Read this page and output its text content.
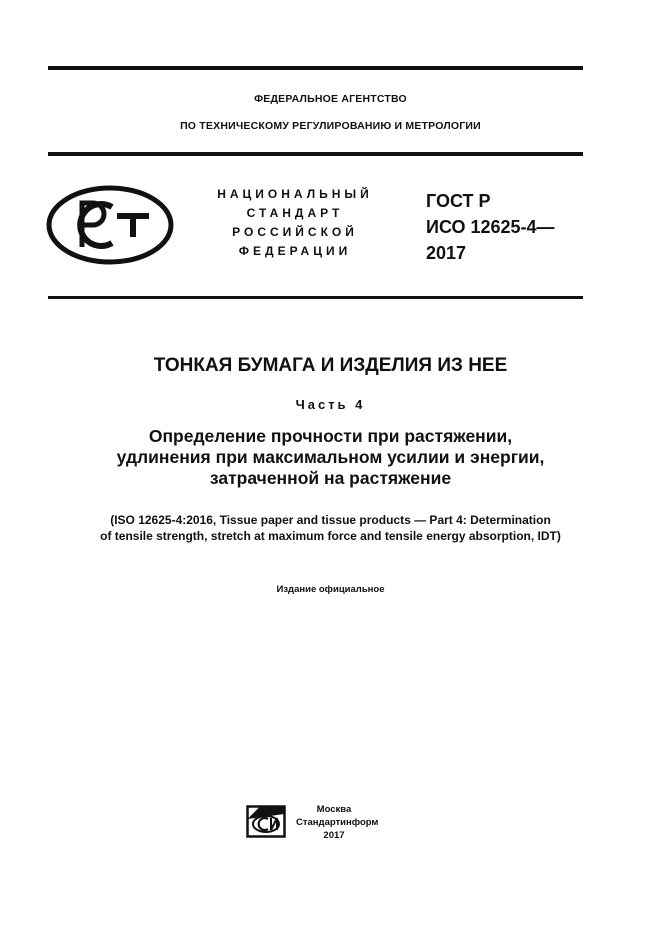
ФЕДЕРАЛЬНОЕ АГЕНТСТВО
ПО ТЕХНИЧЕСКОМУ РЕГУЛИРОВАНИЮ И МЕТРОЛОГИИ
НАЦИОНАЛЬНЫЙ
СТАНДАРТ
РОССИЙСКОЙ
ФЕДЕРАЦИИ
ГОСТ Р
ИСО 12625-4—
2017
ТОНКАЯ БУМАГА И ИЗДЕЛИЯ ИЗ НЕЕ
Часть 4
Определение прочности при растяжении,
удлинения при максимальном усилии и энергии,
затраченной на растяжение
(ISO 12625-4:2016, Tissue paper and tissue products — Part 4: Determination
of tensile strength, stretch at maximum force and tensile energy absorption, IDT)
Издание официальное
Москва
Стандартинформ
2017
